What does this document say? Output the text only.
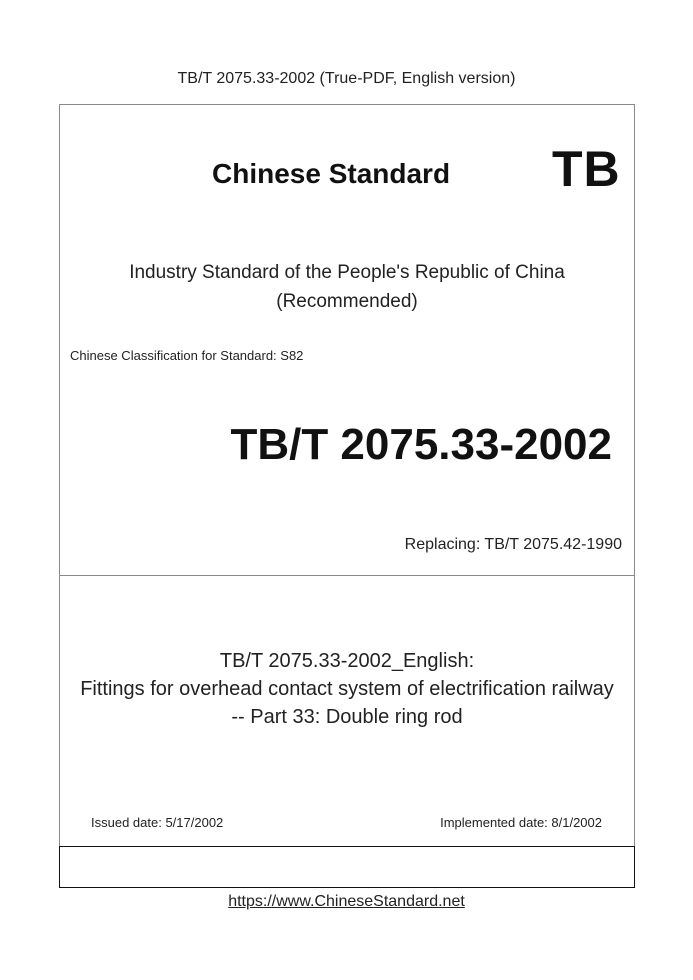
TB/T 2075.33-2002 (True-PDF, English version)
Chinese Standard TB
Industry Standard of the People's Republic of China
(Recommended)
Chinese Classification for Standard: S82
TB/T 2075.33-2002
Replacing: TB/T 2075.42-1990
TB/T 2075.33-2002_English:
Fittings for overhead contact system of electrification railway
-- Part 33: Double ring rod
Issued date: 5/17/2002	Implemented date: 8/1/2002
https://www.ChineseStandard.net
